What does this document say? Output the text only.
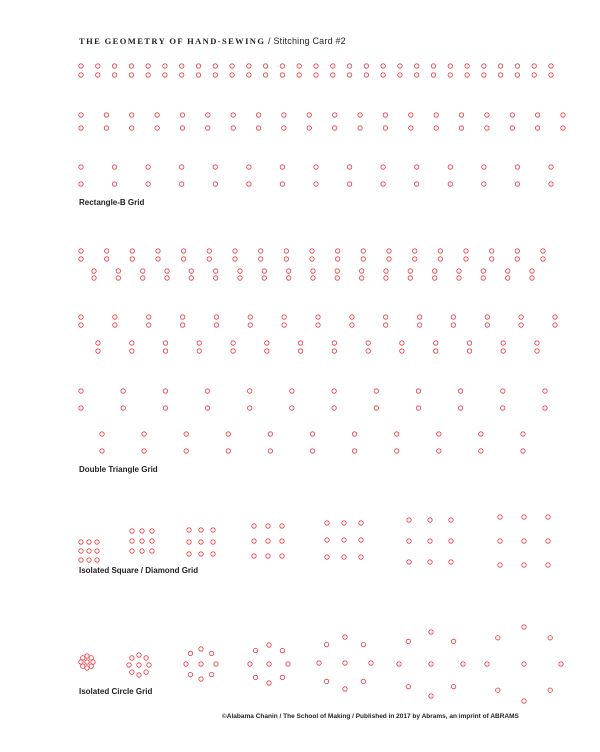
THE GEOMETRY OF HAND-SEWING / Stitching Card #2
Rectangle-B Grid
Double Triangle Grid
Isolated Square / Diamond Grid
Isolated Circle Grid
©Alabama Chanin / The School of Making / Published in 2017 by Abrams, an imprint of ABRAMS
